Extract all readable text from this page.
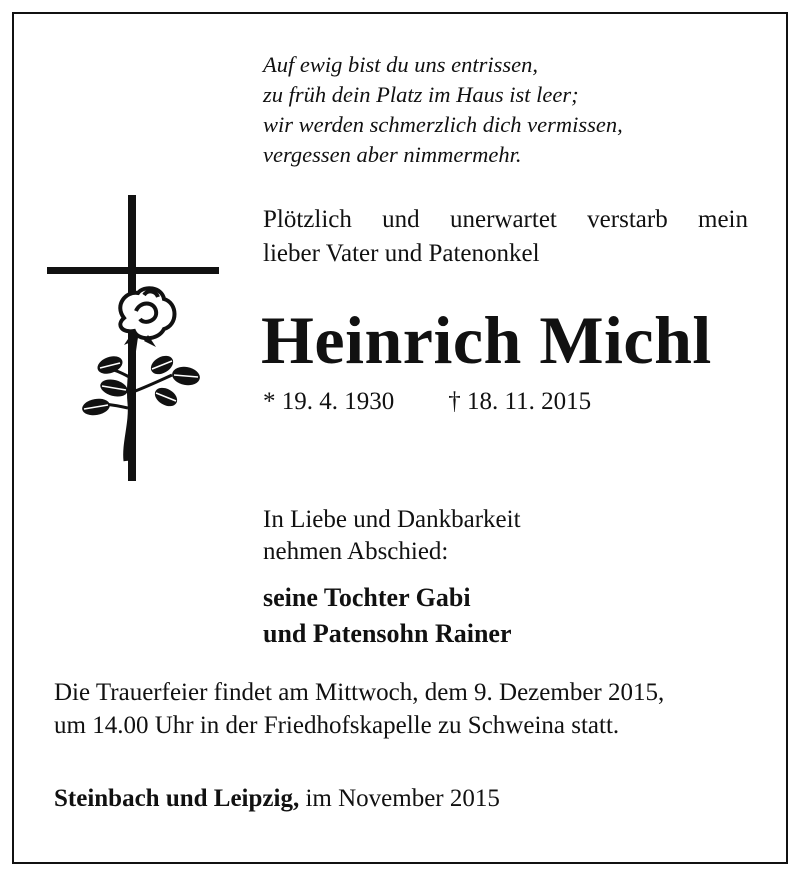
Auf ewig bist du uns entrissen,
zu früh dein Platz im Haus ist leer;
wir werden schmerzlich dich vermissen,
vergessen aber nimmermehr.
Plötzlich und unerwartet verstarb mein
lieber Vater und Patenonkel
Heinrich Michl
* 19. 4. 1930 † 18. 11. 2015
In Liebe und Dankbarkeit
nehmen Abschied:
seine Tochter Gabi
und Patensohn Rainer
Die Trauerfeier findet am Mittwoch, dem 9. Dezember 2015,
um 14.00 Uhr in der Friedhofskapelle zu Schweina statt.
Steinbach und Leipzig, im November 2015
